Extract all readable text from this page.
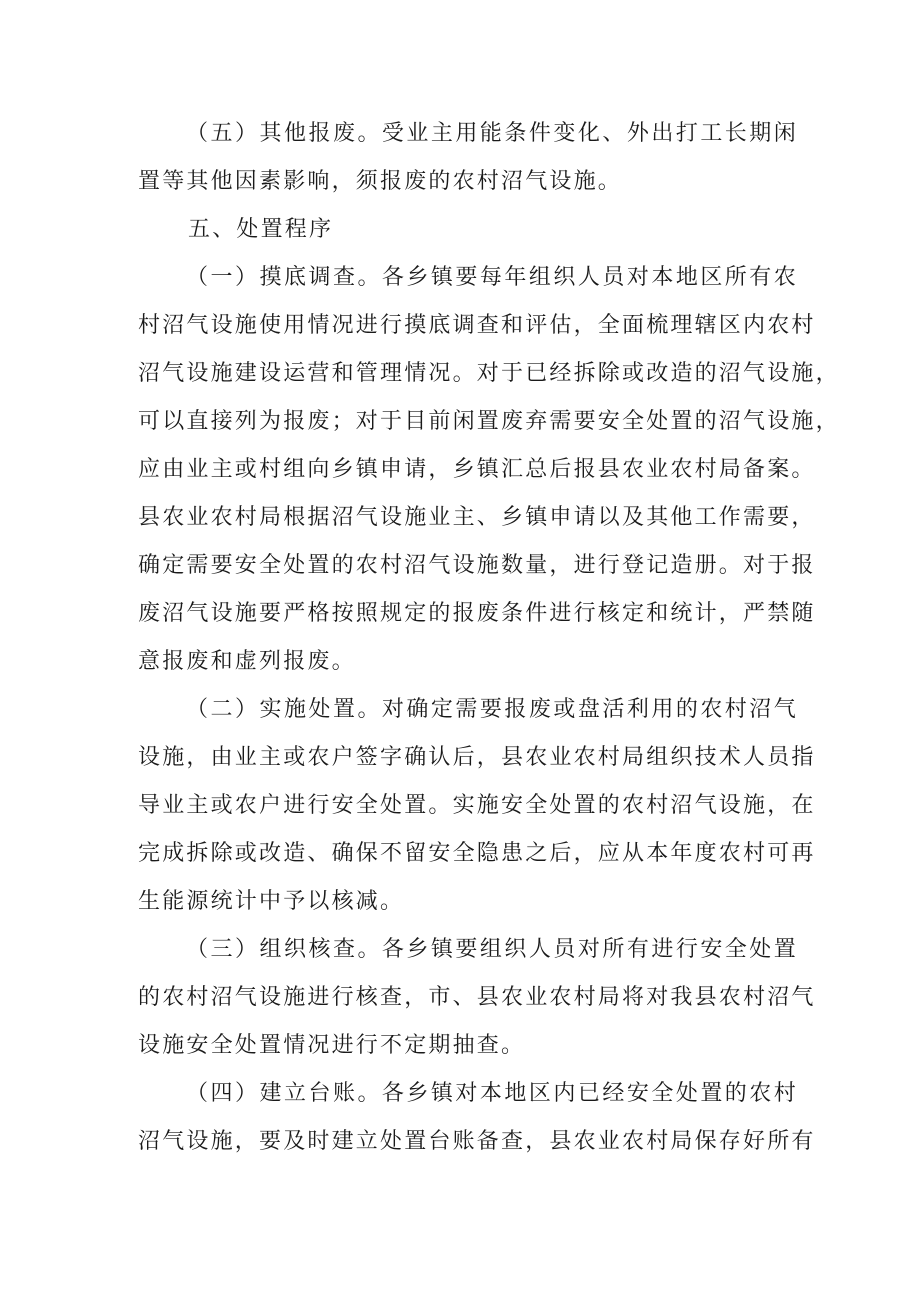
（五）其他报废。受业主用能条件变化、外出打工长期闲
置等其他因素影响，须报废的农村沼气设施。
五、处置程序
（一）摸底调查。各乡镇要每年组织人员对本地区所有农
村沼气设施使用情况进行摸底调查和评估，全面梳理辖区内农村
沼气设施建设运营和管理情况。对于已经拆除或改造的沼气设施，
可以直接列为报废；对于目前闲置废弃需要安全处置的沼气设施，
应由业主或村组向乡镇申请，乡镇汇总后报县农业农村局备案。
县农业农村局根据沼气设施业主、乡镇申请以及其他工作需要，
确定需要安全处置的农村沼气设施数量，进行登记造册。对于报
废沼气设施要严格按照规定的报废条件进行核定和统计，严禁随
意报废和虚列报废。
（二）实施处置。对确定需要报废或盘活利用的农村沼气
设施，由业主或农户签字确认后，县农业农村局组织技术人员指
导业主或农户进行安全处置。实施安全处置的农村沼气设施，在
完成拆除或改造、确保不留安全隐患之后，应从本年度农村可再
生能源统计中予以核减。
（三）组织核查。各乡镇要组织人员对所有进行安全处置
的农村沼气设施进行核查，市、县农业农村局将对我县农村沼气
设施安全处置情况进行不定期抽查。
（四）建立台账。各乡镇对本地区内已经安全处置的农村
沼气设施，要及时建立处置台账备查，县农业农村局保存好所有
